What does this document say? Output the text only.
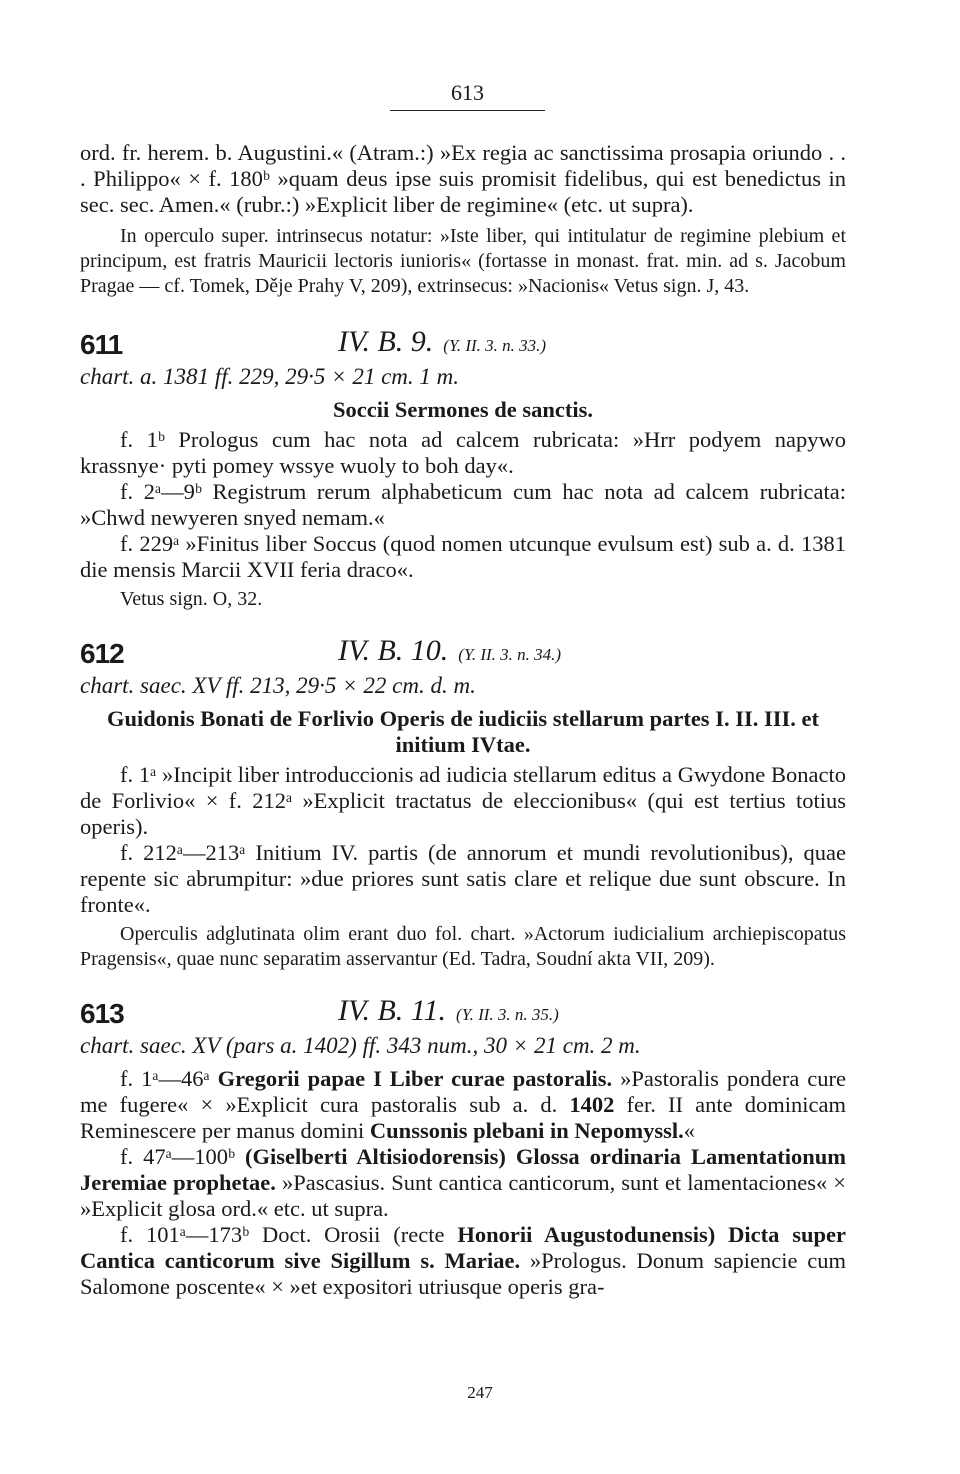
613

ord. fr. herem. b. Augustini.« (Atram.:) »Ex regia ac sanctissima prosapia oriundo . . . Philippo« × f. 180ᵇ »quam deus ipse suis promisit fidelibus, qui est benedictus in sec. sec. Amen.« (rubr.:) »Explicit liber de regimine« (etc. ut supra).

In operculo super. intrinsecus notatur: »Iste liber, qui intitulatur de regimine plebium et principum, est fratris Mauricii lectoris iunioris« (fortasse in monast. frat. min. ad s. Jacobum Pragae — cf. Tomek, Děje Prahy V, 209), extrinsecus: »Nacionis« Vetus sign. J, 43.

611	IV. B. 9. (Y. II. 3. n. 33.)

chart. a. 1381 ff. 229, 29·5 × 21 cm. 1 m.

Soccii Sermones de sanctis.

f. 1ᵇ Prologus cum hac nota ad calcem rubricata: »Hrr podyem napywo krassnye· pyti pomey wssye wuoly to boh day«.

f. 2ᵃ—9ᵇ Registrum rerum alphabeticum cum hac nota ad calcem rubricata: »Chwd newyeren snyed nemam.«

f. 229ᵃ »Finitus liber Soccus (quod nomen utcunque evulsum est) sub a. d. 1381 die mensis Marcii XVII feria draco«.

Vetus sign. O, 32.

612	IV. B. 10. (Y. II. 3. n. 34.)

chart. saec. XV ff. 213, 29·5 × 22 cm. d. m.

Guidonis Bonati de Forlivio Operis de iudiciis stellarum partes I. II. III. et initium IVtae.

f. 1ᵃ »Incipit liber introduccionis ad iudicia stellarum editus a Gwydone Bonacto de Forlivio« × f. 212ᵃ »Explicit tractatus de eleccionibus« (qui est tertius totius operis).

f. 212ᵃ—213ᵃ Initium IV. partis (de annorum et mundi revolutionibus), quae repente sic abrumpitur: »due priores sunt satis clare et relique due sunt obscure. In fronte«.

Operculis adglutinata olim erant duo fol. chart. »Actorum iudicialium archiepiscopatus Pragensis«, quae nunc separatim asservantur (Ed. Tadra, Soudní akta VII, 209).

613	IV. B. 11. (Y. II. 3. n. 35.)

chart. saec. XV (pars a. 1402) ff. 343 num., 30 × 21 cm. 2 m.

f. 1ᵃ—46ᵃ Gregorii papae I Liber curae pastoralis. »Pastoralis pondera cure me fugere« × »Explicit cura pastoralis sub a. d. 1402 fer. II ante dominicam Reminescere per manus domini Cunssonis plebani in Nepomyssl.«

f. 47ᵃ—100ᵇ (Giselberti Altisiodorensis) Glossa ordinaria Lamentationum Jeremiae prophetae. »Pascasius. Sunt cantica canticorum, sunt et lamentaciones« × »Explicit glosa ord.« etc. ut supra.

f. 101ᵃ—173ᵇ Doct. Orosii (recte Honorii Augustodunensis) Dicta super Cantica canticorum sive Sigillum s. Mariae. »Prologus. Donum sapiencie cum Salomone poscente« × »et expositori utriusque operis gra-

247
